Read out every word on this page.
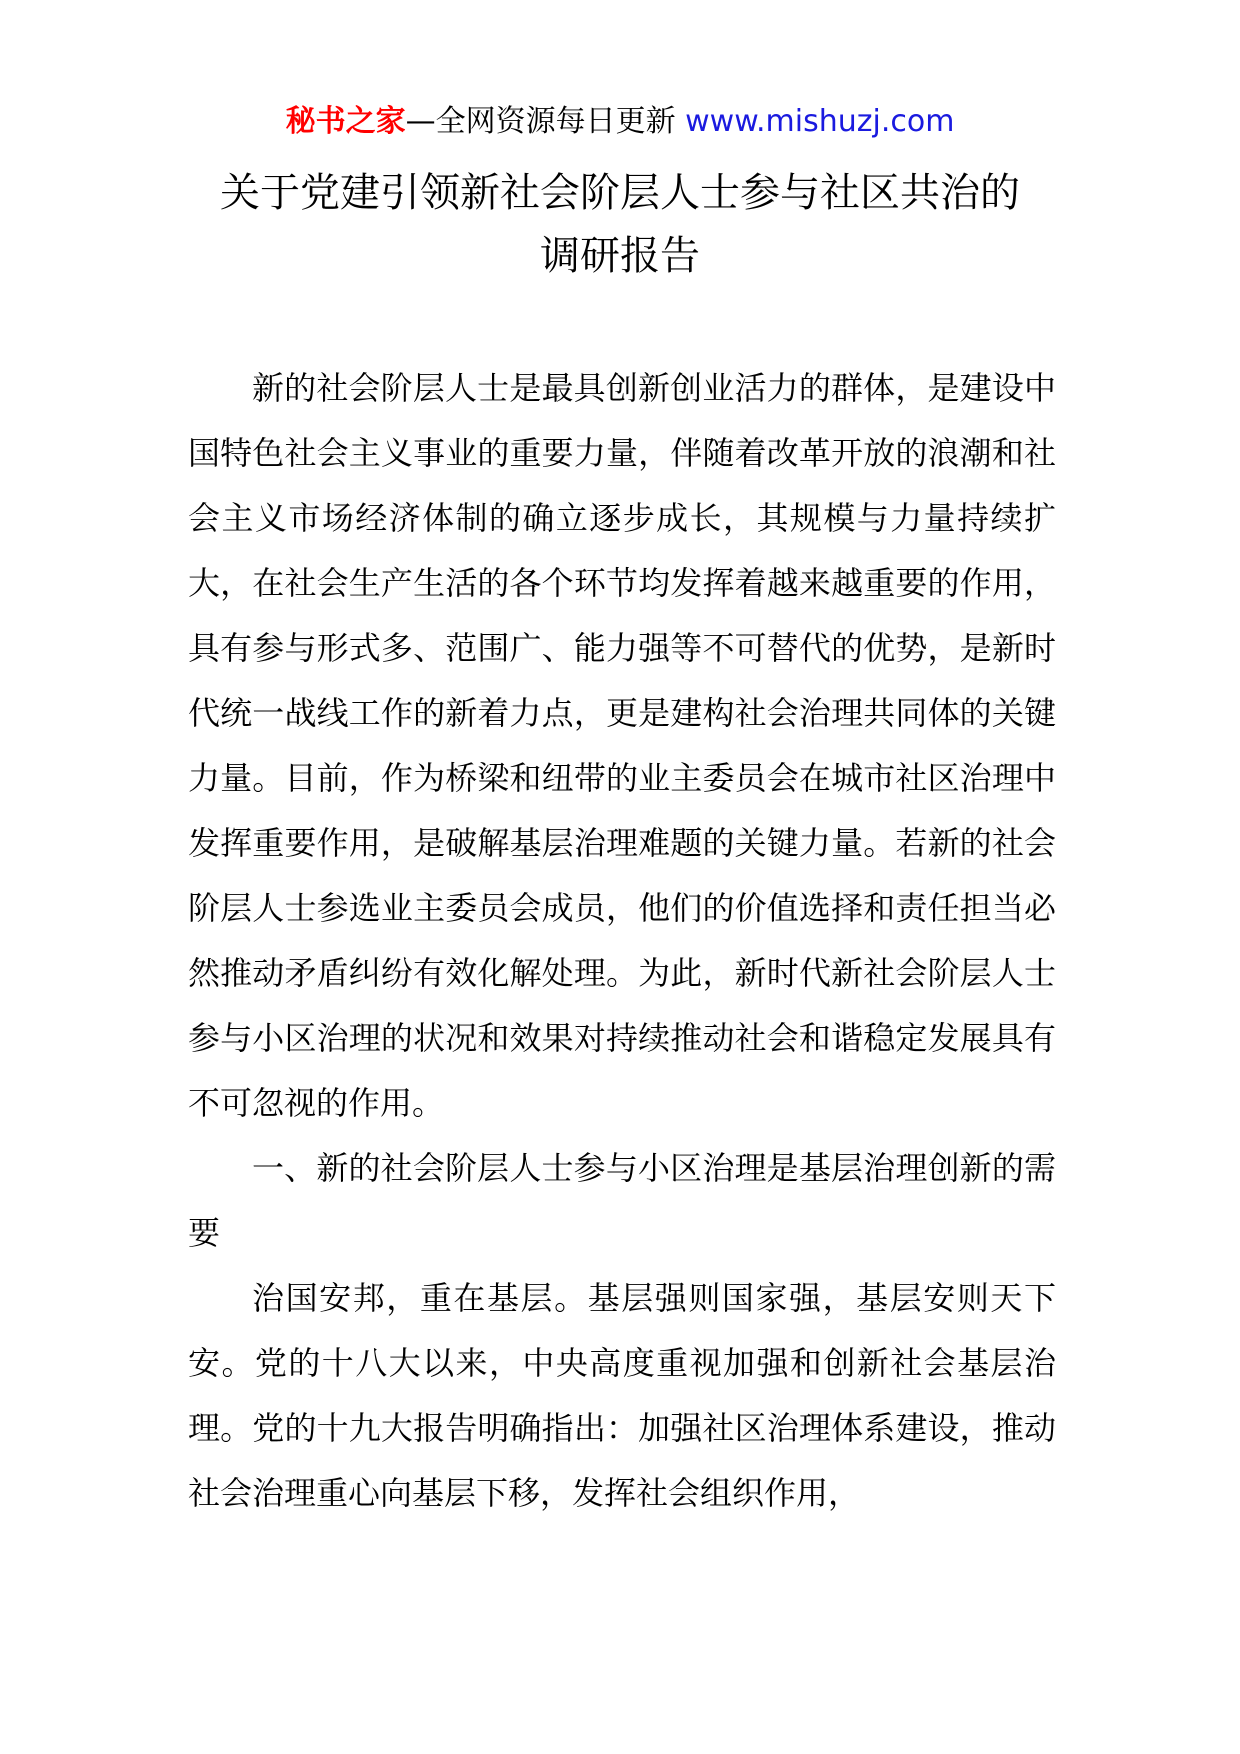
秘书之家—全网资源每日更新 www.mishuzj.com
关于党建引领新社会阶层人士参与社区共治的
调研报告

新的社会阶层人士是最具创新创业活力的群体，是建设中国特色社会主义事业的重要力量，伴随着改革开放的浪潮和社会主义市场经济体制的确立逐步成长，其规模与力量持续扩大，在社会生产生活的各个环节均发挥着越来越重要的作用，具有参与形式多、范围广、能力强等不可替代的优势，是新时代统一战线工作的新着力点，更是建构社会治理共同体的关键力量。目前，作为桥梁和纽带的业主委员会在城市社区治理中发挥重要作用，是破解基层治理难题的关键力量。若新的社会阶层人士参选业主委员会成员，他们的价值选择和责任担当必然推动矛盾纠纷有效化解处理。为此，新时代新社会阶层人士参与小区治理的状况和效果对持续推动社会和谐稳定发展具有不可忽视的作用。

一、新的社会阶层人士参与小区治理是基层治理创新的需要

治国安邦，重在基层。基层强则国家强，基层安则天下安。党的十八大以来，中央高度重视加强和创新社会基层治理。党的十九大报告明确指出：加强社区治理体系建设，推动社会治理重心向基层下移，发挥社会组织作用，
